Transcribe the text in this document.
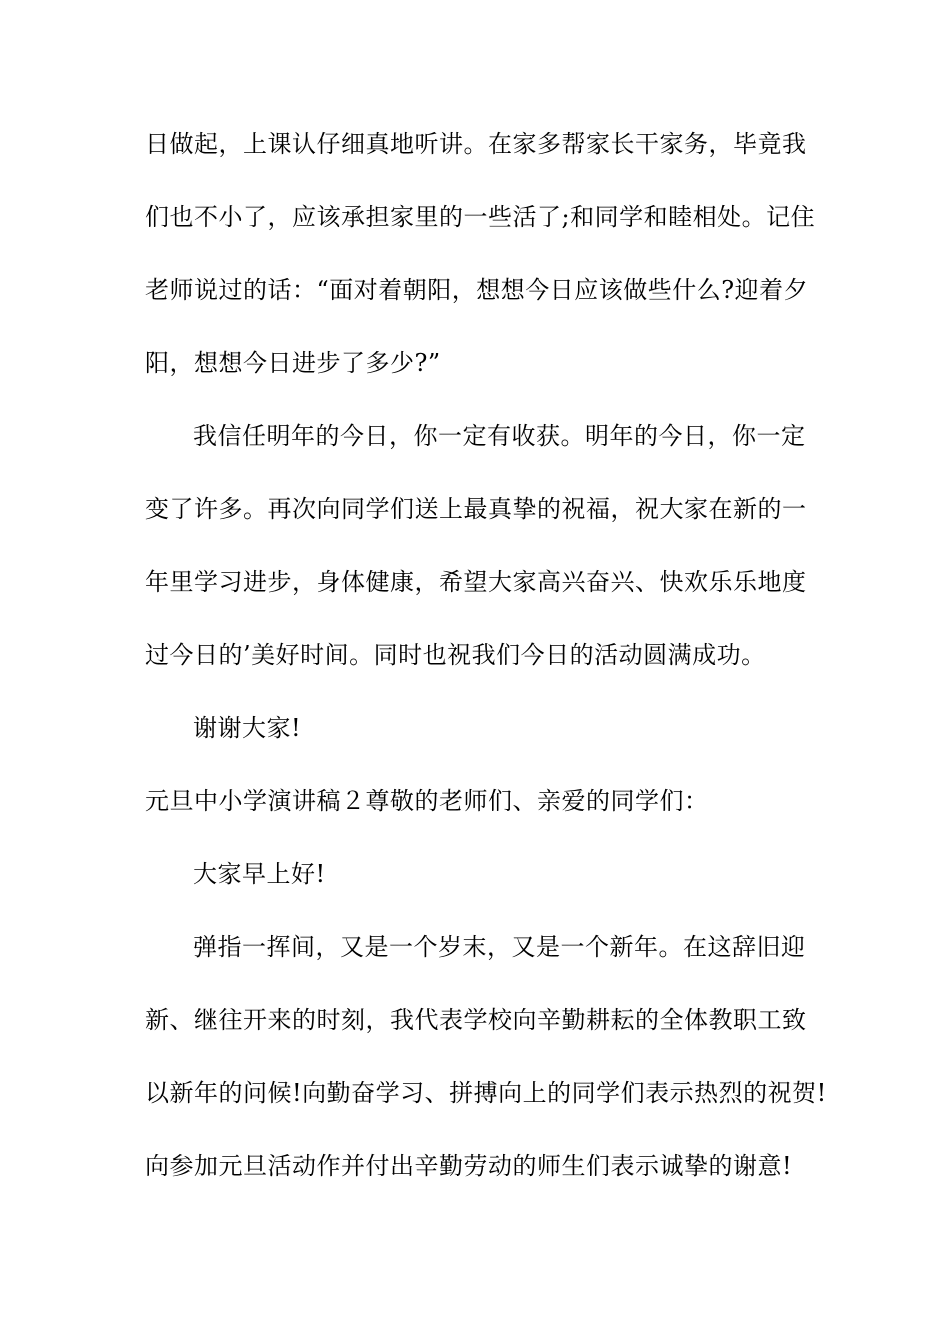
日做起，上课认仔细真地听讲。在家多帮家长干家务，毕竟我

们也不小了，应该承担家里的一些活了;和同学和睦相处。记住

老师说过的话：“面对着朝阳，想想今日应该做些什么?迎着夕

阳，想想今日进步了多少?”

我信任明年的今日，你一定有收获。明年的今日，你一定

变了许多。再次向同学们送上最真挚的祝福，祝大家在新的一

年里学习进步，身体健康，希望大家高兴奋兴、快欢乐乐地度

过今日的’美好时间。同时也祝我们今日的活动圆满成功。

谢谢大家!

元旦中小学演讲稿２尊敬的老师们、亲爱的同学们：

大家早上好!

弹指一挥间，又是一个岁末，又是一个新年。在这辞旧迎

新、继往开来的时刻，我代表学校向辛勤耕耘的全体教职工致

以新年的问候!向勤奋学习、拼搏向上的同学们表示热烈的祝贺!

向参加元旦活动作并付出辛勤劳动的师生们表示诚挚的谢意!
